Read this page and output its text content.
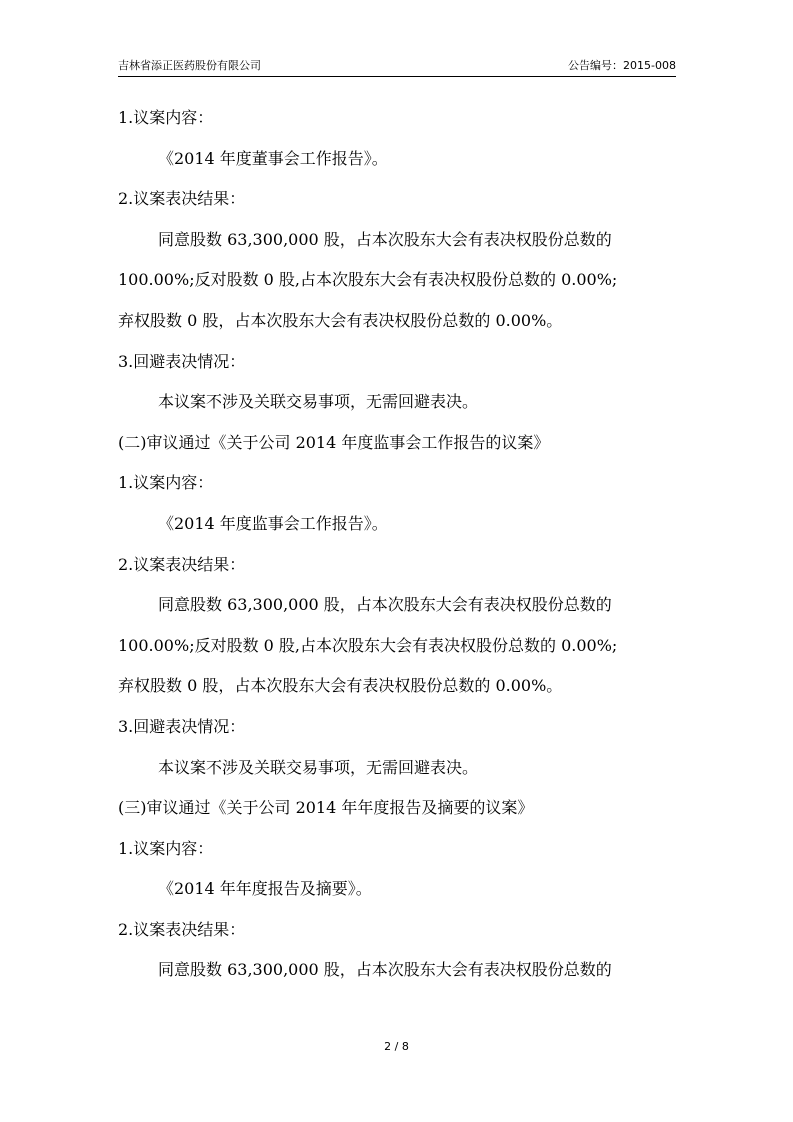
吉林省添正医药股份有限公司	公告编号：2015-008
1.议案内容：
《2014 年度董事会工作报告》。
2.议案表决结果：
同意股数 63,300,000 股，占本次股东大会有表决权股份总数的
100.00%;反对股数 0 股,占本次股东大会有表决权股份总数的 0.00%;
弃权股数 0 股，占本次股东大会有表决权股份总数的 0.00%。
3.回避表决情况：
本议案不涉及关联交易事项，无需回避表决。
(二)审议通过《关于公司 2014 年度监事会工作报告的议案》
1.议案内容：
《2014 年度监事会工作报告》。
2.议案表决结果：
同意股数 63,300,000 股，占本次股东大会有表决权股份总数的
100.00%;反对股数 0 股,占本次股东大会有表决权股份总数的 0.00%;
弃权股数 0 股，占本次股东大会有表决权股份总数的 0.00%。
3.回避表决情况：
本议案不涉及关联交易事项，无需回避表决。
(三)审议通过《关于公司 2014 年年度报告及摘要的议案》
1.议案内容：
《2014 年年度报告及摘要》。
2.议案表决结果：
同意股数 63,300,000 股，占本次股东大会有表决权股份总数的
2 / 8
